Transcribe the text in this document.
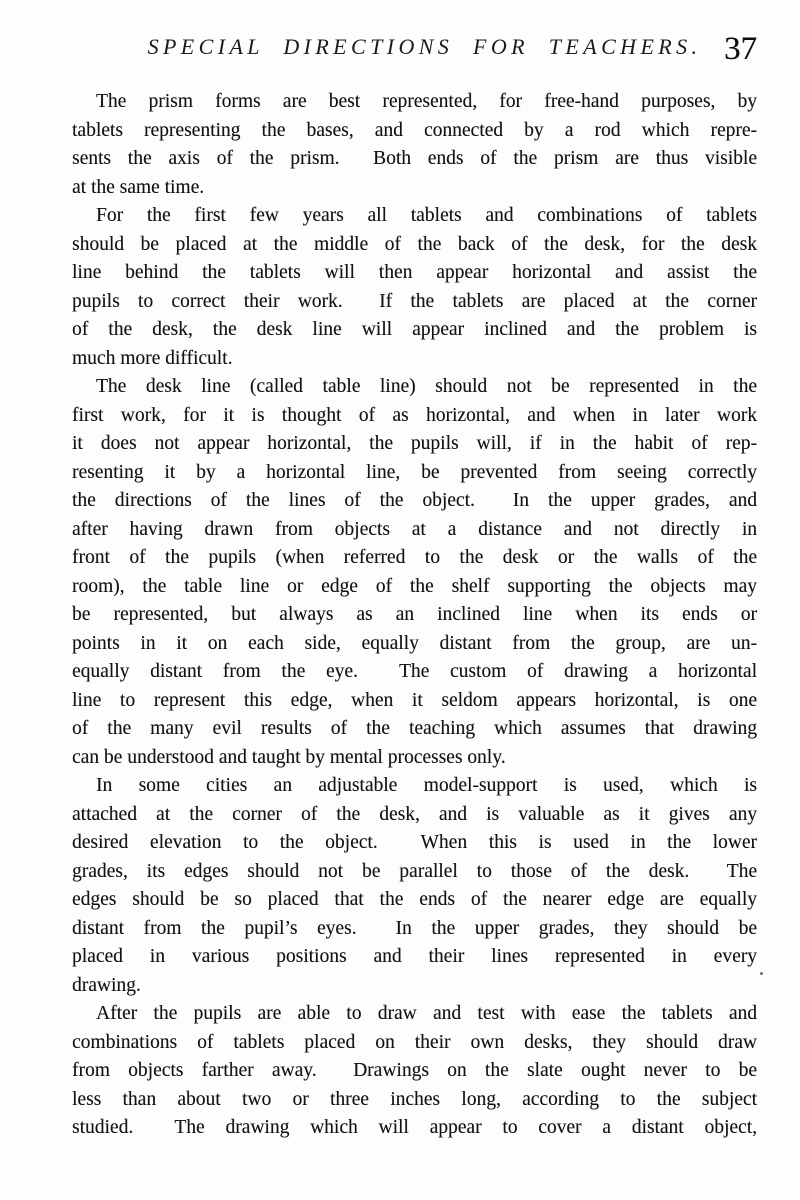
SPECIAL DIRECTIONS FOR TEACHERS. 37
The prism forms are best represented, for free-hand purposes, by
tablets representing the bases, and connected by a rod which repre-
sents the axis of the prism.  Both ends of the prism are thus visible
at the same time.
For the first few years all tablets and combinations of tablets
should be placed at the middle of the back of the desk, for the desk
line behind the tablets will then appear horizontal and assist the
pupils to correct their work.  If the tablets are placed at the corner
of the desk, the desk line will appear inclined and the problem is
much more difficult.
The desk line (called table line) should not be represented in the
first work, for it is thought of as horizontal, and when in later work
it does not appear horizontal, the pupils will, if in the habit of rep-
resenting it by a horizontal line, be prevented from seeing correctly
the directions of the lines of the object.  In the upper grades, and
after having drawn from objects at a distance and not directly in
front of the pupils (when referred to the desk or the walls of the
room), the table line or edge of the shelf supporting the objects may
be represented, but always as an inclined line when its ends or
points in it on each side, equally distant from the group, are un-
equally distant from the eye.  The custom of drawing a horizontal
line to represent this edge, when it seldom appears horizontal, is one
of the many evil results of the teaching which assumes that drawing
can be understood and taught by mental processes only.
In some cities an adjustable model-support is used, which is
attached at the corner of the desk, and is valuable as it gives any
desired elevation to the object.  When this is used in the lower
grades, its edges should not be parallel to those of the desk.  The
edges should be so placed that the ends of the nearer edge are equally
distant from the pupil’s eyes.  In the upper grades, they should be
placed in various positions and their lines represented in every
drawing.
After the pupils are able to draw and test with ease the tablets and
combinations of tablets placed on their own desks, they should draw
from objects farther away.  Drawings on the slate ought never to be
less than about two or three inches long, according to the subject
studied.  The drawing which will appear to cover a distant object,
